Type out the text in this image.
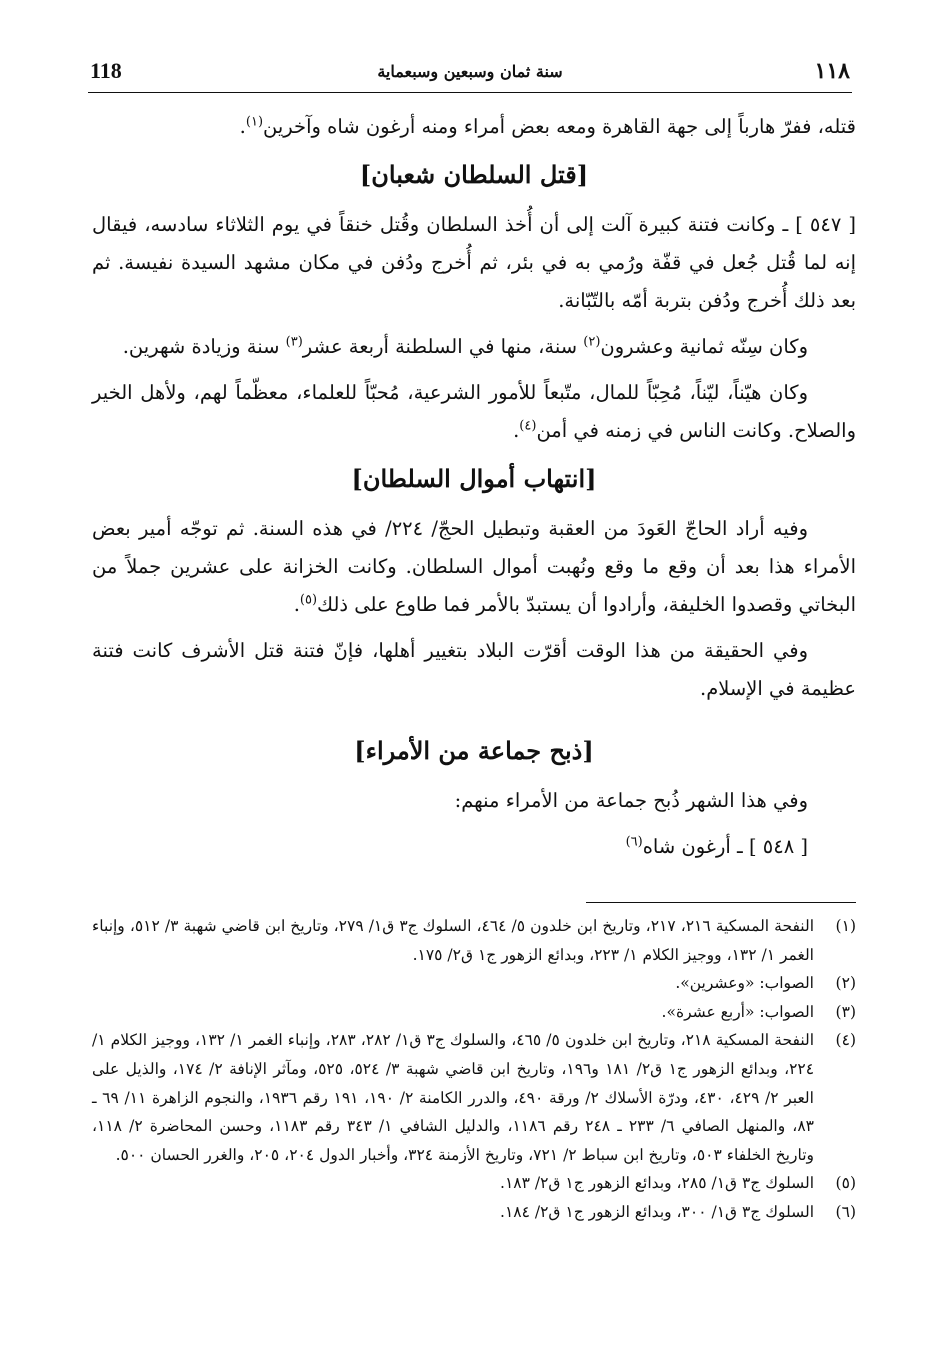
118	سنة ثمان وسبعين وسبعماية	١١٨

قتله، ففرّ هارباً إلى جهة القاهرة ومعه بعض أمراء ومنه أرغون شاه وآخرين$^{(١)}$.

[قتل السلطان شعبان]

[ ٥٤٧ ] ـ وكانت فتنة كبيرة آلت إلى أن أُخذ السلطان وقُتل خنقاً في يوم الثلاثاء سادسه، فيقال إنه لما قُتل جُعل في قفّة ورُمي به في بئر، ثم أُخرج ودُفن في مكان مشهد السيدة نفيسة. ثم بعد ذلك أُخرج ودُفن بتربة أمّه بالتّبّانة.

وكان سِنّه ثمانية وعشرون$^{(٢)}$ سنة، منها في السلطنة أربعة عشر$^{(٣)}$ سنة وزيادة شهرين.

وكان هيّناً، ليّناً، مُحِبّاً للمال، متّبعاً للأمور الشرعية، مُحبّاً للعلماء، معظّماً لهم، ولأهل الخير والصلاح. وكانت الناس في زمنه في أمن$^{(٤)}$.

[انتهاب أموال السلطان]

وفيه أراد الحاجّ العَودَ من العقبة وتبطيل الحجّ/ ٢٢٤/ في هذه السنة. ثم توجّه أمير بعض الأمراء هذا بعد أن وقع ما وقع ونُهبت أموال السلطان. وكانت الخزانة على عشرين جملاً من البخاتي وقصدوا الخليفة، وأرادوا أن يستبدّ بالأمر فما طاوع على ذلك$^{(٥)}$.

وفي الحقيقة من هذا الوقت أقرّت البلاد بتغيير أهلها، فإنّ فتنة قتل الأشرف كانت فتنة عظيمة في الإسلام.

[ذبح جماعة من الأمراء]

وفي هذا الشهر ذُبح جماعة من الأمراء منهم:

[ ٥٤٨ ] ـ أرغون شاه$^{(٦)}$

(١)
النفحة المسكية ٢١٦، ٢١٧، وتاريخ ابن خلدون ٥/ ٤٦٤، السلوك ج٣ ق١/ ٢٧٩، وتاريخ ابن قاضي شهبة ٣/ ٥١٢، وإنباء الغمر ١/ ١٣٢، ووجيز الكلام ١/ ٢٢٣، وبدائع الزهور ج١ ق٢/ ١٧٥.
(٢)
الصواب: «وعشرين».
(٣)
الصواب: «أربع عشرة».
(٤)
النفحة المسكية ٢١٨، وتاريخ ابن خلدون ٥/ ٤٦٥، والسلوك ج٣ ق١/ ٢٨٢، ٢٨٣، وإنباء الغمر ١/ ١٣٢، ووجيز الكلام ١/ ٢٢٤، وبدائع الزهور ج١ ق٢/ ١٨١ و١٩٦، وتاريخ ابن قاضي شهبة ٣/ ٥٢٤، ٥٢٥، ومآثر الإنافة ٢/ ١٧٤، والذيل على العبر ٢/ ٤٢٩، ٤٣٠، ودرّة الأسلاك ٢/ ورقة ٤٩٠، والدرر الكامنة ٢/ ١٩٠، ١٩١ رقم ١٩٣٦، والنجوم الزاهرة ١١/ ٦٩ ـ ٨٣، والمنهل الصافي ٦/ ٢٣٣ ـ ٢٤٨ رقم ١١٨٦، والدليل الشافي ١/ ٣٤٣ رقم ١١٨٣، وحسن المحاضرة ٢/ ١١٨، وتاريخ الخلفاء ٥٠٣، وتاريخ ابن سباط ٢/ ٧٢١، وتاريخ الأزمنة ٣٢٤، وأخبار الدول ٢٠٤، ٢٠٥، والغرر الحسان ٥٠٠.
(٥)
السلوك ج٣ ق١/ ٢٨٥، وبدائع الزهور ج١ ق٢/ ١٨٣.
(٦)
السلوك ج٣ ق١/ ٣٠٠، وبدائع الزهور ج١ ق٢/ ١٨٤.
